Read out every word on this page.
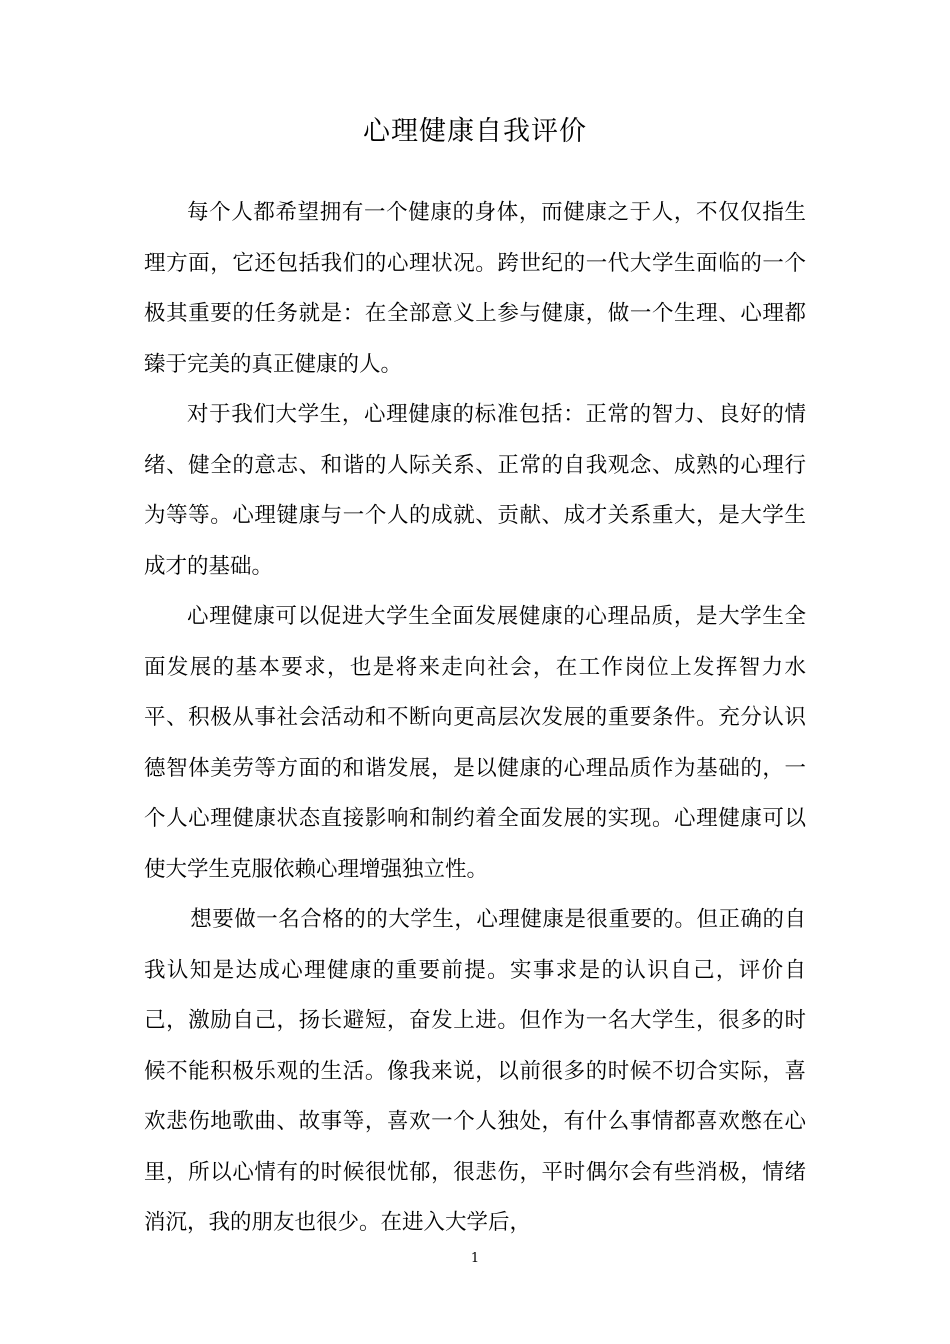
心理健康自我评价

每个人都希望拥有一个健康的身体，而健康之于人，不仅仅指生理方面，它还包括我们的心理状况。跨世纪的一代大学生面临的一个极其重要的任务就是：在全部意义上参与健康，做一个生理、心理都臻于完美的真正健康的人。

对于我们大学生，心理健康的标准包括：正常的智力、良好的情绪、健全的意志、和谐的人际关系、正常的自我观念、成熟的心理行为等等。心理键康与一个人的成就、贡献、成才关系重大，是大学生成才的基础。

心理健康可以促进大学生全面发展健康的心理品质，是大学生全面发展的基本要求，也是将来走向社会，在工作岗位上发挥智力水平、积极从事社会活动和不断向更高层次发展的重要条件。充分认识德智体美劳等方面的和谐发展，是以健康的心理品质作为基础的，一个人心理健康状态直接影响和制约着全面发展的实现。心理健康可以使大学生克服依赖心理增强独立性。

想要做一名合格的的大学生，心理健康是很重要的。但正确的自我认知是达成心理健康的重要前提。实事求是的认识自己，评价自己，激励自己，扬长避短，奋发上进。但作为一名大学生，很多的时候不能积极乐观的生活。像我来说，以前很多的时候不切合实际，喜欢悲伤地歌曲、故事等，喜欢一个人独处，有什么事情都喜欢憋在心里，所以心情有的时候很忧郁，很悲伤，平时偶尔会有些消极，情绪消沉，我的朋友也很少。在进入大学后，

1
